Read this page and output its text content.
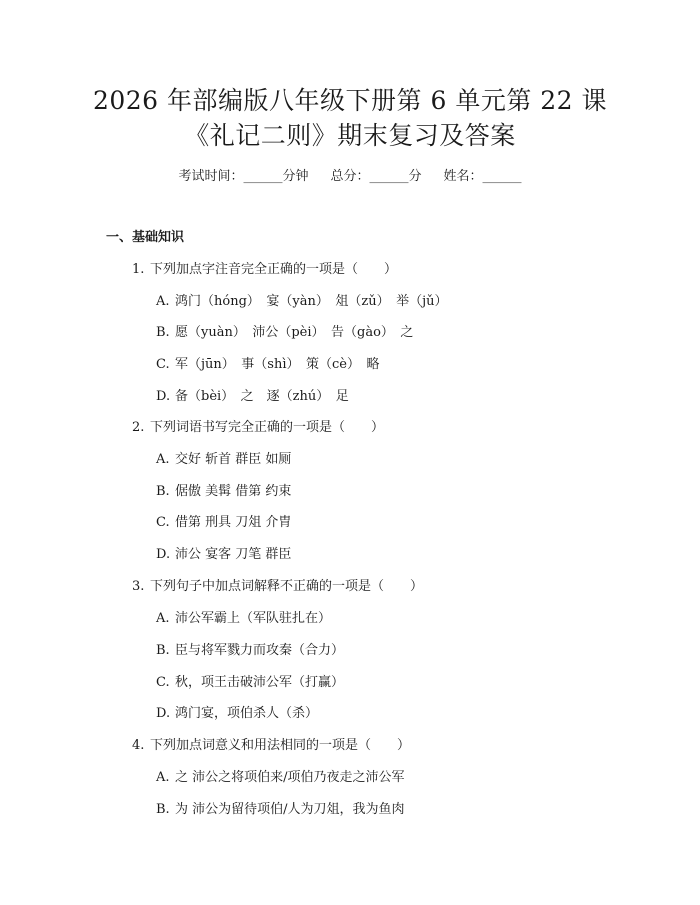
2026 年部编版八年级下册第 6 单元第 22 课
《礼记二则》期末复习及答案
考试时间：______分钟 总分：______分 姓名：______
一、基础知识
1. 下列加点字注音完全正确的一项是（　　）
A. 鸿门（hóng）　宴（yàn）　俎（zǔ）　举（jǔ）
B. 愿（yuàn）　沛公（pèi）　告（gào）　之
C. 军（jūn）　事（shì）　策（cè）　略
D. 备（bèi）　之　逐（zhú）　足
2. 下列词语书写完全正确的一项是（　　）
A. 交好 斩首 群臣 如厕
B. 倨傲 美髯 借第 约束
C. 借第 刑具 刀俎 介胄
D. 沛公 宴客 刀笔 群臣
3. 下列句子中加点词解释不正确的一项是（　　）
A. 沛公军霸上（军队驻扎在）
B. 臣与将军戮力而攻秦（合力）
C. 秋，项王击破沛公军（打赢）
D. 鸿门宴，项伯杀人（杀）
4. 下列加点词意义和用法相同的一项是（　　）
A. 之 沛公之将项伯来/项伯乃夜走之沛公军
B. 为 沛公为留待项伯/人为刀俎，我为鱼肉
